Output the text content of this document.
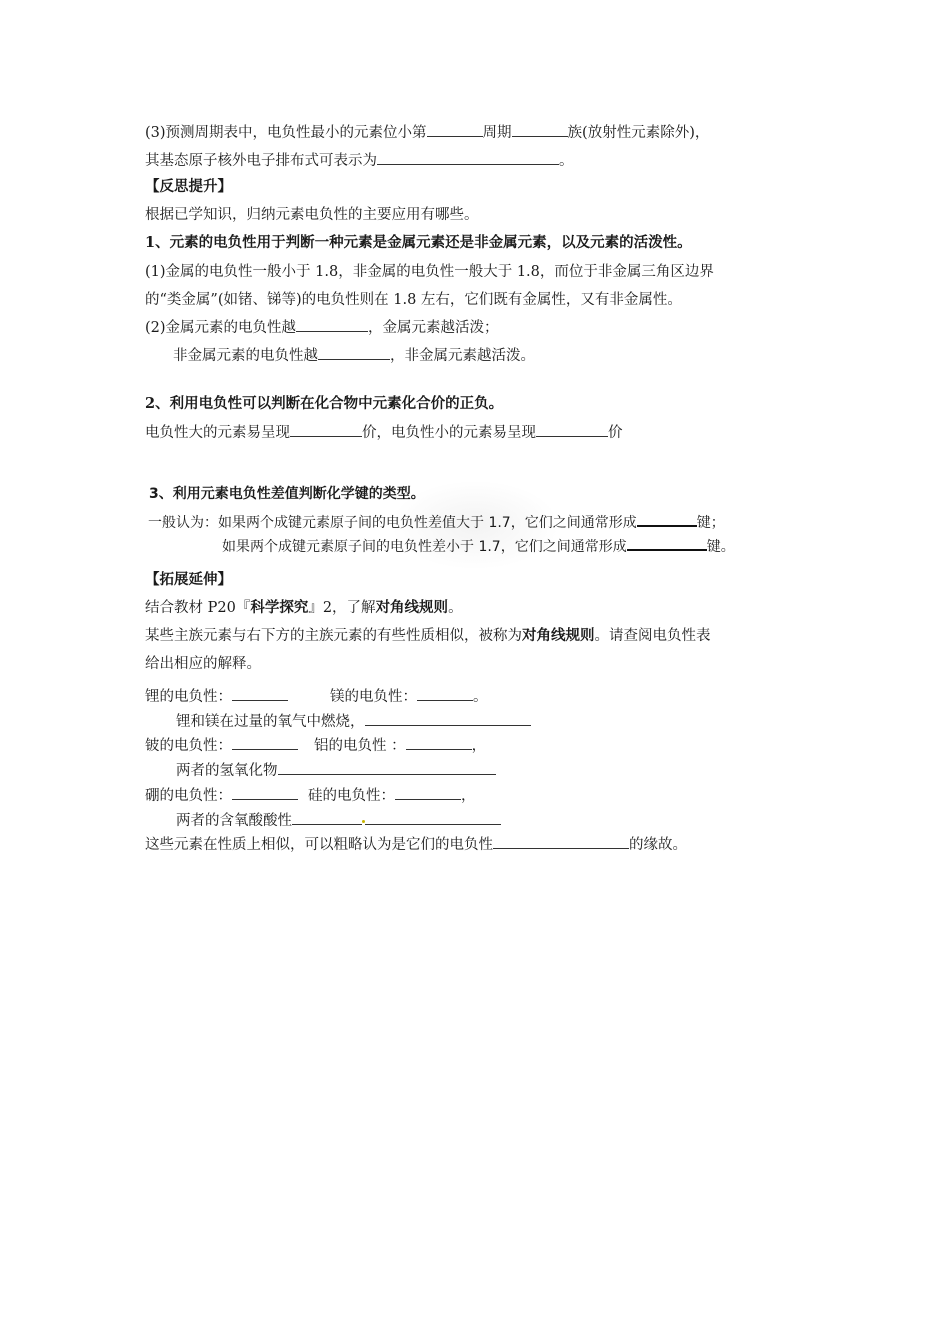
(3)预测周期表中，电负性最小的元素位小第	周期	族(放射性元素除外)，
其基态原子核外电子排布式可表示为	。
【反思提升】
根据已学知识，归纳元素电负性的主要应用有哪些。
1、元素的电负性用于判断一种元素是金属元素还是非金属元素，以及元素的活泼性。
(1)金属的电负性一般小于 1.8，非金属的电负性一般大于 1.8，而位于非金属三角区边界
的“类金属”(如锗、锑等)的电负性则在 1.8 左右，它们既有金属性，又有非金属性。
(2)金属元素的电负性越	，金属元素越活泼；
非金属元素的电负性越	，非金属元素越活泼。
2、利用电负性可以判断在化合物中元素化合价的正负。
电负性大的元素易呈现	价，电负性小的元素易呈现	价
3、利用元素电负性差值判断化学键的类型。
一般认为：如果两个成键元素原子间的电负性差值大于 1.7，它们之间通常形成	键；
如果两个成键元素原子间的电负性差小于 1.7，它们之间通常形成	键。
【拓展延伸】
结合教材 P20『科学探究』2，了解对角线规则。
某些主族元素与右下方的主族元素的有些性质相似，被称为对角线规则。请查阅电负性表
给出相应的解释。
锂的电负性：	镁的电负性：	。
锂和镁在过量的氧气中燃烧，
铍的电负性：	铝的电负性 ：	，
两者的氢氧化物
硼的电负性：	硅的电负性：	，
两者的含氧酸酸性
这些元素在性质上相似，可以粗略认为是它们的电负性	的缘故。
